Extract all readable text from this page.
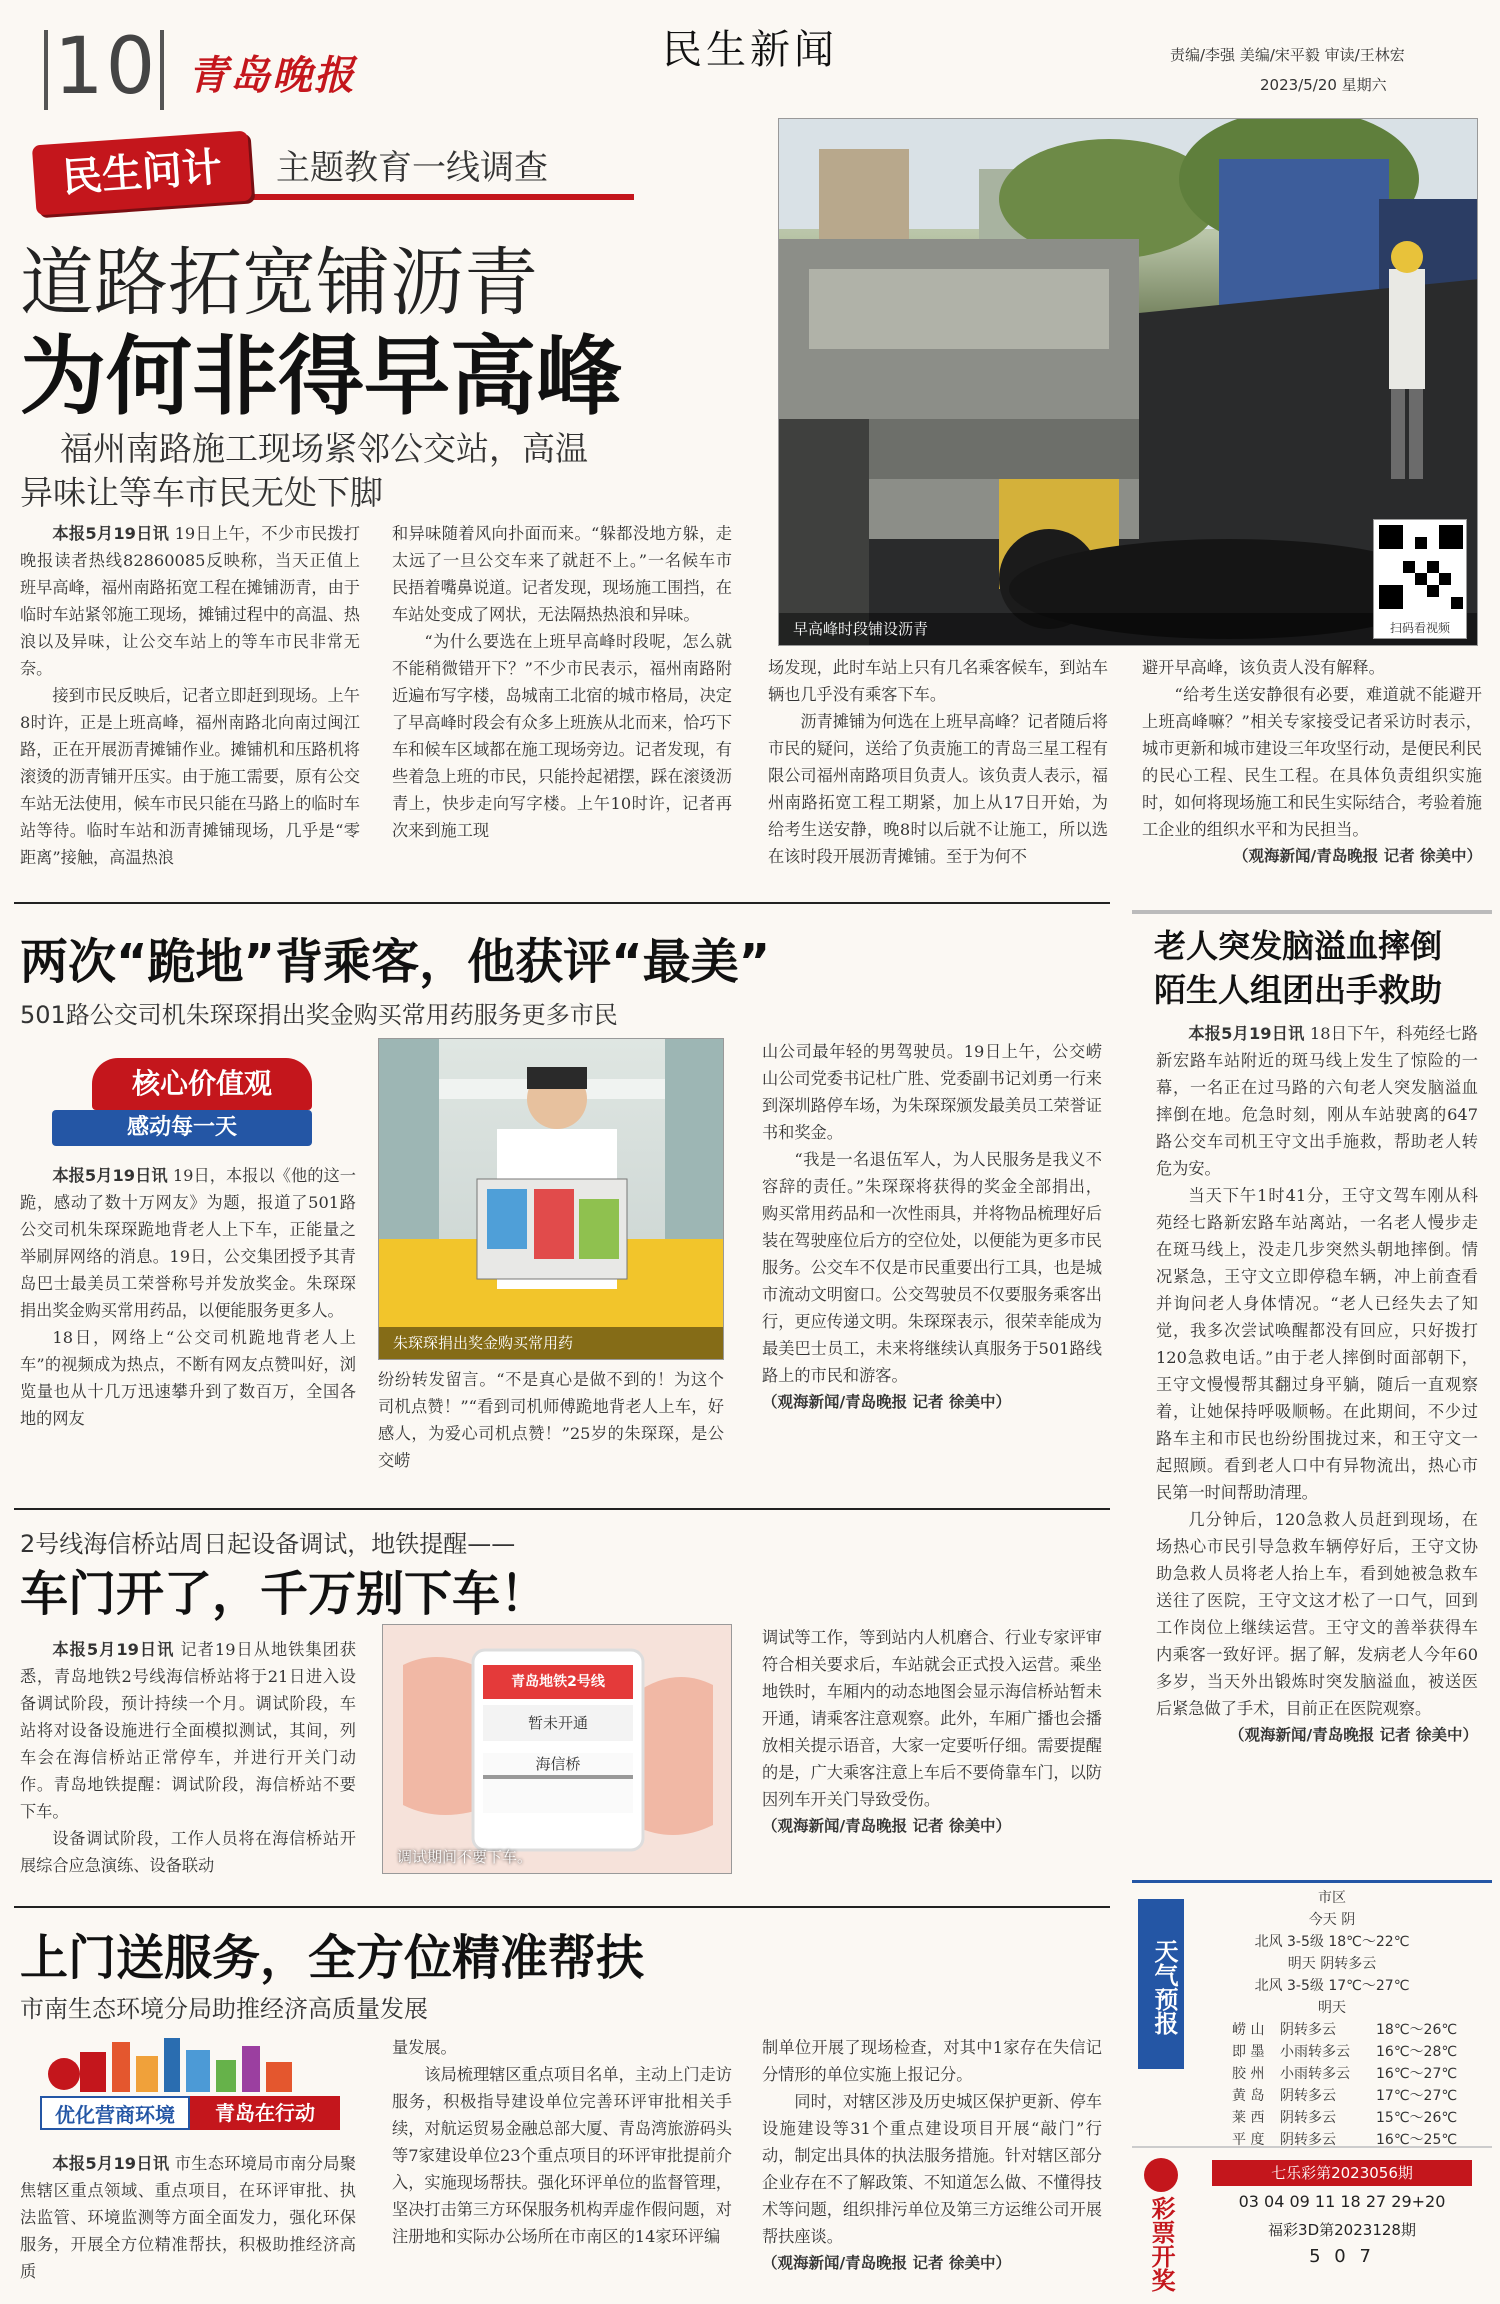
10 青岛晚报
民生新闻	责编/李强 美编/宋平毅 审读/王林宏
2023/5/20 星期六
民生问计	主题教育一线调查
道路拓宽铺沥青
为何非得早高峰
福州南路施工现场紧邻公交站，高温
异味让等车市民无处下脚
早高峰时段铺设沥青	扫码看视频

本报5月19日讯 19日上午，不少市民拨打晚报读者热线82860085反映称，当天正值上班早高峰，福州南路拓宽工程在摊铺沥青，由于临时车站紧邻施工现场，摊铺过程中的高温、热浪以及异味，让公交车站上的等车市民非常无奈。

接到市民反映后，记者立即赶到现场。上午8时许，正是上班高峰，福州南路北向南过闽江路，正在开展沥青摊铺作业。摊铺机和压路机将滚烫的沥青铺开压实。由于施工需要，原有公交车站无法使用，候车市民只能在马路上的临时车站等待。临时车站和沥青摊铺现场，几乎是“零距离”接触，高温热浪

和异味随着风向扑面而来。“躲都没地方躲，走太远了一旦公交车来了就赶不上。”一名候车市民捂着嘴鼻说道。记者发现，现场施工围挡，在车站处变成了网状，无法隔热热浪和异味。

“为什么要选在上班早高峰时段呢，怎么就不能稍微错开下？”不少市民表示，福州南路附近遍布写字楼，岛城南工北宿的城市格局，决定了早高峰时段会有众多上班族从北而来，恰巧下车和候车区域都在施工现场旁边。记者发现，有些着急上班的市民，只能拎起裙摆，踩在滚烫沥青上，快步走向写字楼。上午10时许，记者再次来到施工现

场发现，此时车站上只有几名乘客候车，到站车辆也几乎没有乘客下车。

沥青摊铺为何选在上班早高峰？记者随后将市民的疑问，送给了负责施工的青岛三星工程有限公司福州南路项目负责人。该负责人表示，福州南路拓宽工程工期紧，加上从17日开始，为给考生送安静，晚8时以后就不让施工，所以选在该时段开展沥青摊铺。至于为何不

避开早高峰，该负责人没有解释。

“给考生送安静很有必要，难道就不能避开上班高峰嘛？”相关专家接受记者采访时表示，城市更新和城市建设三年攻坚行动，是便民利民的民心工程、民生工程。在具体负责组织实施时，如何将现场施工和民生实际结合，考验着施工企业的组织水平和为民担当。

（观海新闻/青岛晚报 记者 徐美中）

两次“跪地”背乘客，他获评“最美”
501路公交司机朱琛琛捐出奖金购买常用药服务更多市民
核心价值观
感动每一天
朱琛琛捐出奖金购买常用药

本报5月19日讯 19日，本报以《他的这一跪，感动了数十万网友》为题，报道了501路公交司机朱琛琛跪地背老人上下车，正能量之举刷屏网络的消息。19日，公交集团授予其青岛巴士最美员工荣誉称号并发放奖金。朱琛琛捐出奖金购买常用药品，以便能服务更多人。

18日，网络上“公交司机跪地背老人上车”的视频成为热点，不断有网友点赞叫好，浏览量也从十几万迅速攀升到了数百万，全国各地的网友

纷纷转发留言。“不是真心是做不到的！为这个司机点赞！”“看到司机师傅跪地背老人上车，好感人，为爱心司机点赞！”25岁的朱琛琛，是公交崂

山公司最年轻的男驾驶员。19日上午，公交崂山公司党委书记杜广胜、党委副书记刘勇一行来到深圳路停车场，为朱琛琛颁发最美员工荣誉证书和奖金。

“我是一名退伍军人，为人民服务是我义不容辞的责任。”朱琛琛将获得的奖金全部捐出，购买常用药品和一次性雨具，并将物品梳理好后装在驾驶座位后方的空位处，以便能为更多市民服务。公交车不仅是市民重要出行工具，也是城市流动文明窗口。公交驾驶员不仅要服务乘客出行，更应传递文明。朱琛琛表示，很荣幸能成为最美巴士员工，未来将继续认真服务于501路线路上的市民和游客。

（观海新闻/青岛晚报 记者 徐美中）

老人突发脑溢血摔倒
陌生人组团出手救助

本报5月19日讯 18日下午，科苑经七路新宏路车站附近的斑马线上发生了惊险的一幕，一名正在过马路的六旬老人突发脑溢血摔倒在地。危急时刻，刚从车站驶离的647路公交车司机王守文出手施救，帮助老人转危为安。

当天下午1时41分，王守文驾车刚从科苑经七路新宏路车站离站，一名老人慢步走在斑马线上，没走几步突然头朝地摔倒。情况紧急，王守文立即停稳车辆，冲上前查看并询问老人身体情况。“老人已经失去了知觉，我多次尝试唤醒都没有回应，只好拨打120急救电话。”由于老人摔倒时面部朝下，王守文慢慢帮其翻过身平躺，随后一直观察着，让她保持呼吸顺畅。在此期间，不少过路车主和市民也纷纷围拢过来，和王守文一起照顾。看到老人口中有异物流出，热心市民第一时间帮助清理。

几分钟后，120急救人员赶到现场，在场热心市民引导急救车辆停好后，王守文协助急救人员将老人抬上车，看到她被急救车送往了医院，王守文这才松了一口气，回到工作岗位上继续运营。王守文的善举获得车内乘客一致好评。据了解，发病老人今年60多岁，当天外出锻炼时突发脑溢血，被送医后紧急做了手术，目前正在医院观察。

（观海新闻/青岛晚报 记者 徐美中）

2号线海信桥站周日起设备调试，地铁提醒——
车门开了，千万别下车！

本报5月19日讯 记者19日从地铁集团获悉，青岛地铁2号线海信桥站将于21日进入设备调试阶段，预计持续一个月。调试阶段，车站将对设备设施进行全面模拟测试，其间，列车会在海信桥站正常停车，并进行开关门动作。青岛地铁提醒：调试阶段，海信桥站不要下车。

设备调试阶段，工作人员将在海信桥站开展综合应急演练、设备联动

青岛地铁2号线
暂未开通
海信桥
调试期间不要下车。

调试等工作，等到站内人机磨合、行业专家评审符合相关要求后，车站就会正式投入运营。乘坐地铁时，车厢内的动态地图会显示海信桥站暂未开通，请乘客注意观察。此外，车厢广播也会播放相关提示语音，大家一定要听仔细。需要提醒的是，广大乘客注意上车后不要倚靠车门，以防因列车开关门导致受伤。

（观海新闻/青岛晚报 记者 徐美中）

上门送服务，全方位精准帮扶
市南生态环境分局助推经济高质量发展
优化营商环境	青岛在行动

本报5月19日讯 市生态环境局市南分局聚焦辖区重点领域、重点项目，在环评审批、执法监管、环境监测等方面全面发力，强化环保服务，开展全方位精准帮扶，积极助推经济高质

量发展。

该局梳理辖区重点项目名单，主动上门走访服务，积极指导建设单位完善环评审批相关手续，对航运贸易金融总部大厦、青岛湾旅游码头等7家建设单位23个重点项目的环评审批提前介入，实施现场帮扶。强化环评单位的监督管理，坚决打击第三方环保服务机构弄虚作假问题，对注册地和实际办公场所在市南区的14家环评编

制单位开展了现场检查，对其中1家存在失信记分情形的单位实施上报记分。

同时，对辖区涉及历史城区保护更新、停车设施建设等31个重点建设项目开展“敲门”行动，制定出具体的执法服务措施。针对辖区部分企业存在不了解政策、不知道怎么做、不懂得技术等问题，组织排污单位及第三方运维公司开展帮扶座谈。

（观海新闻/青岛晚报 记者 徐美中）

天气预报
市区
今天 阴
北风 3-5级 18℃～22℃
明天 阴转多云
北风 3-5级 17℃～27℃
明天
崂 山	阴转多云	18℃～26℃
即 墨	小雨转多云	16℃～28℃
胶 州	小雨转多云	16℃～27℃
黄 岛	阴转多云	17℃～27℃
莱 西	阴转多云	15℃～26℃
平 度	阴转多云	16℃～25℃
彩票开奖
七乐彩第2023056期
03 04 09 11 18 27 29+20
福彩3D第2023128期
5 0 7
